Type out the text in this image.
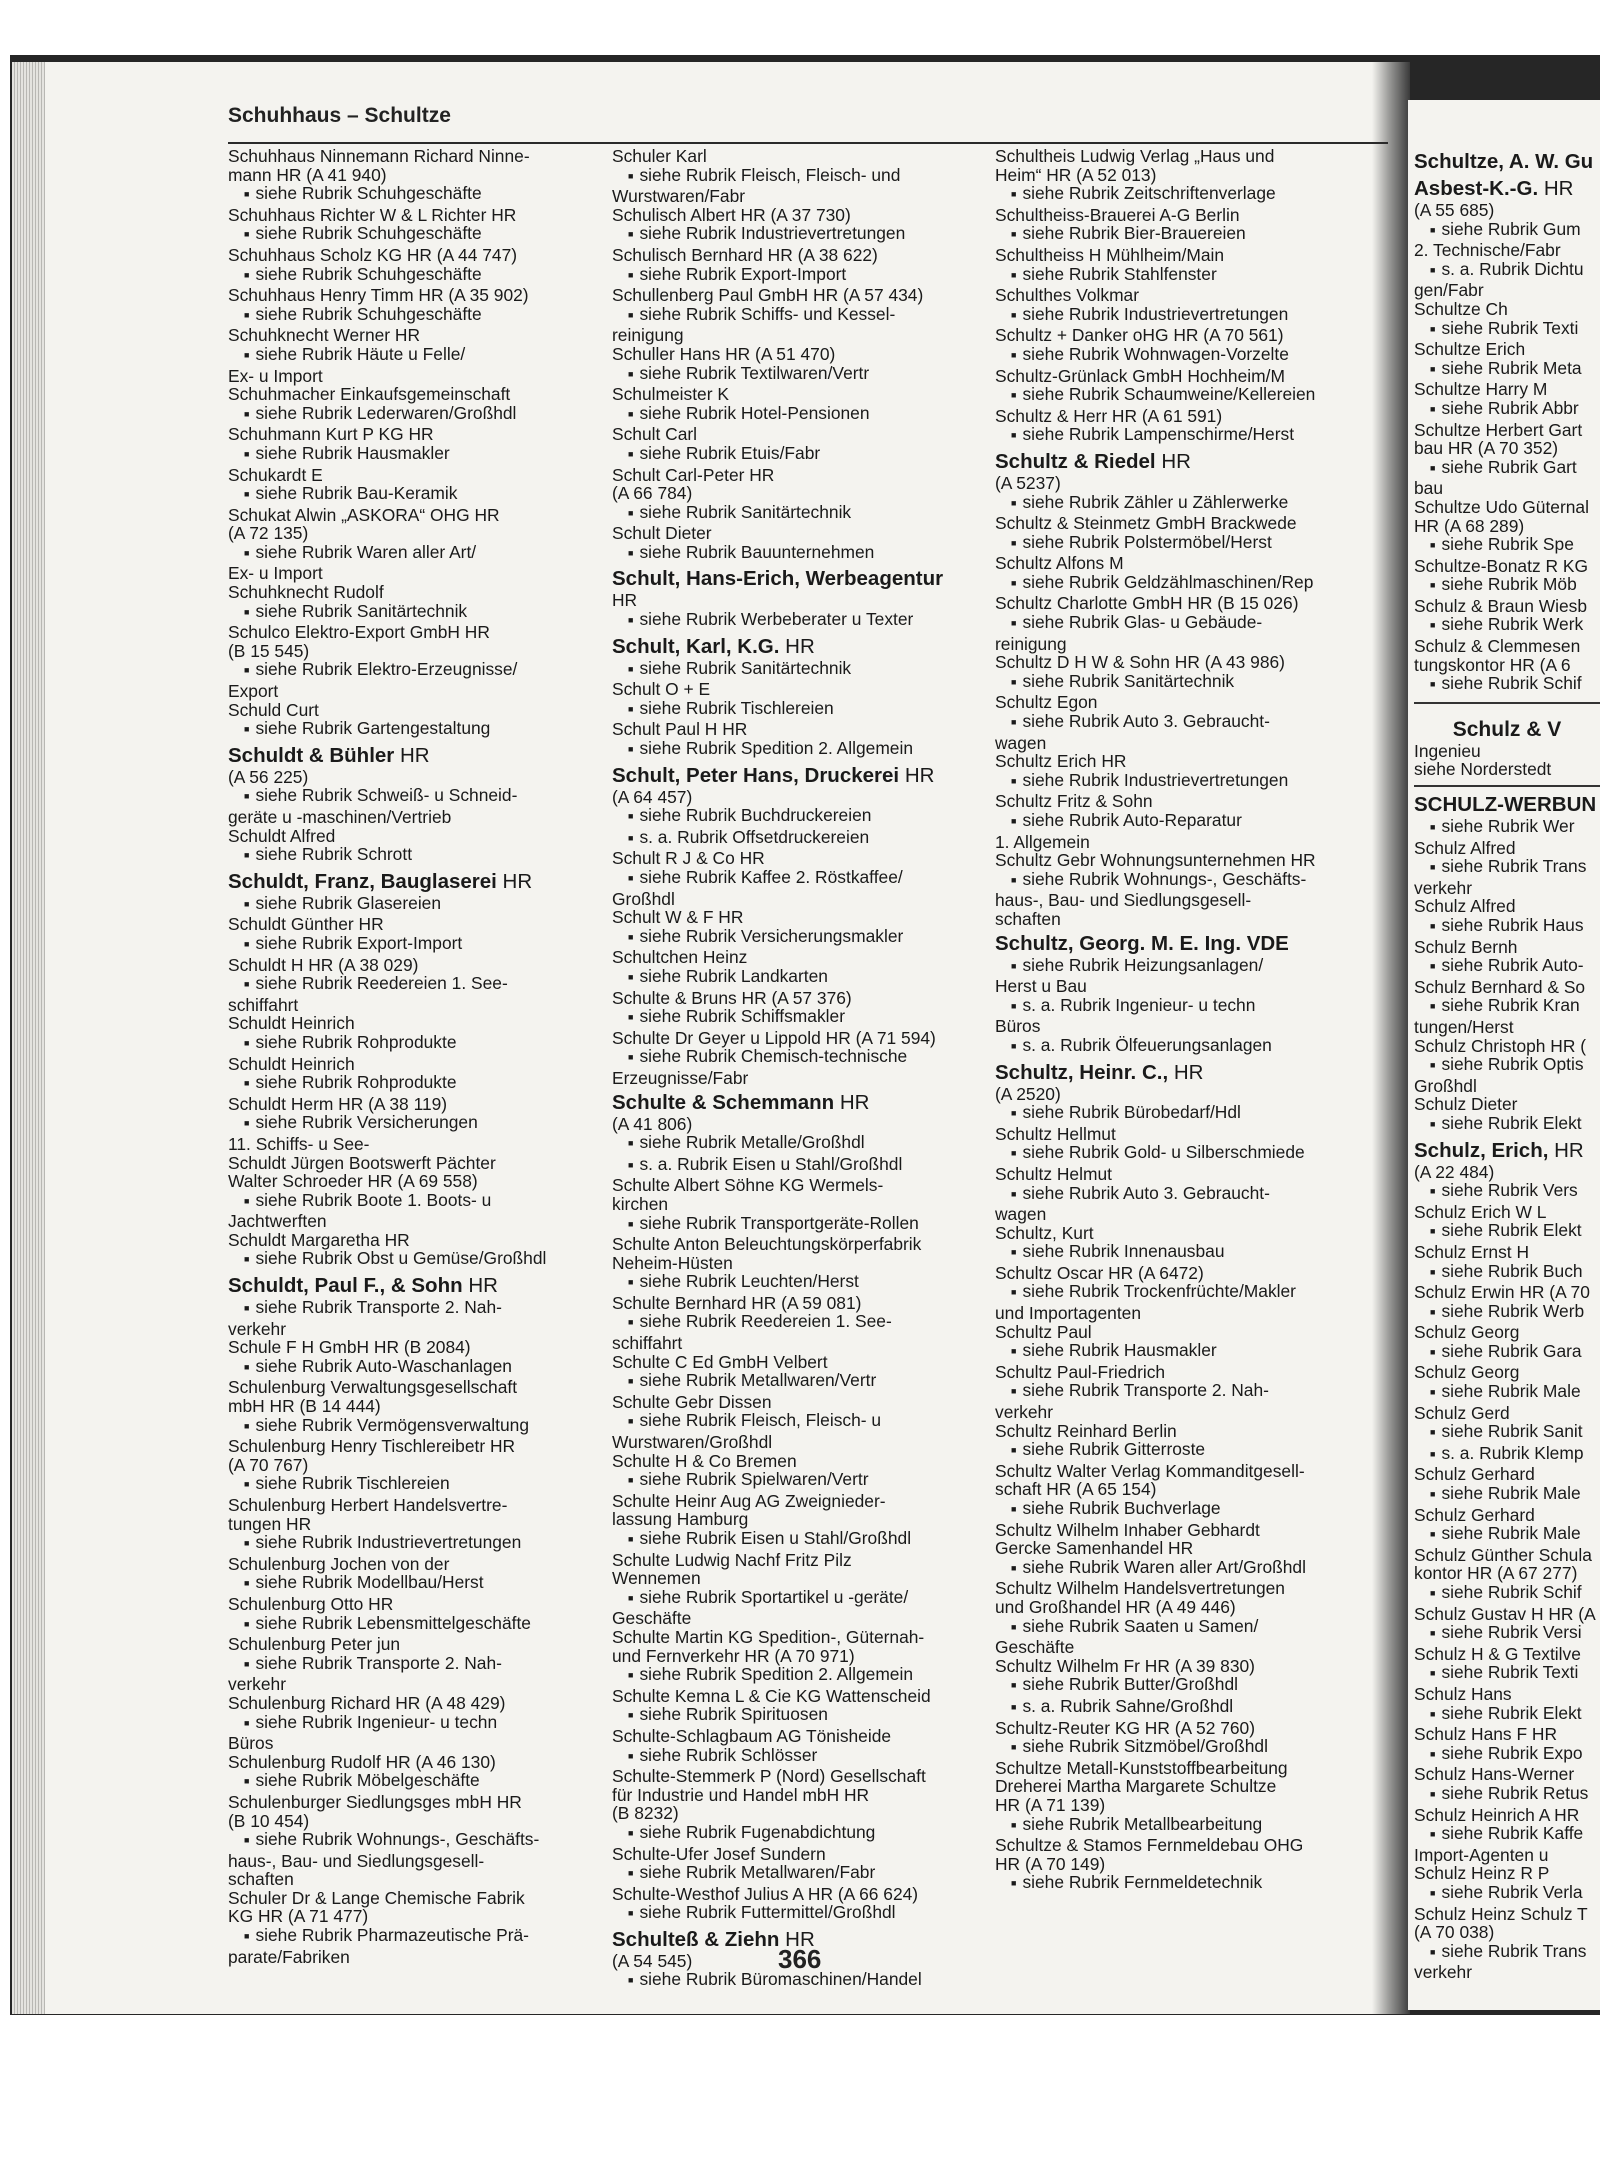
Schuhhaus – Schultze

Schuhhaus Ninnemann Richard Ninne-

mann HR (A 41 940)

■ siehe Rubrik Schuhgeschäfte

Schuhhaus Richter W & L Richter HR

■ siehe Rubrik Schuhgeschäfte

Schuhhaus Scholz KG HR (A 44 747)

■ siehe Rubrik Schuhgeschäfte

Schuhhaus Henry Timm HR (A 35 902)

■ siehe Rubrik Schuhgeschäfte

Schuhknecht Werner HR

■ siehe Rubrik Häute u Felle/

Ex- u Import

Schuhmacher Einkaufsgemeinschaft

■ siehe Rubrik Lederwaren/Großhdl

Schuhmann Kurt P KG HR

■ siehe Rubrik Hausmakler

Schukardt E

■ siehe Rubrik Bau-Keramik

Schukat Alwin „ASKORA“ OHG HR

(A 72 135)

■ siehe Rubrik Waren aller Art/

Ex- u Import

Schuhknecht Rudolf

■ siehe Rubrik Sanitärtechnik

Schulco Elektro-Export GmbH HR

(B 15 545)

■ siehe Rubrik Elektro-Erzeugnisse/

Export

Schuld Curt

■ siehe Rubrik Gartengestaltung

Schuldt & Bühler HR

(A 56 225)

■ siehe Rubrik Schweiß- u Schneid-

geräte u -maschinen/Vertrieb

Schuldt Alfred

■ siehe Rubrik Schrott

Schuldt, Franz, Bauglaserei HR

■ siehe Rubrik Glasereien

Schuldt Günther HR

■ siehe Rubrik Export-Import

Schuldt H HR (A 38 029)

■ siehe Rubrik Reedereien 1. See-

schiffahrt

Schuldt Heinrich

■ siehe Rubrik Rohprodukte

Schuldt Heinrich

■ siehe Rubrik Rohprodukte

Schuldt Herm HR (A 38 119)

■ siehe Rubrik Versicherungen

11. Schiffs- u See-

Schuldt Jürgen Bootswerft Pächter

Walter Schroeder HR (A 69 558)

■ siehe Rubrik Boote 1. Boots- u

Jachtwerften

Schuldt Margaretha HR

■ siehe Rubrik Obst u Gemüse/Großhdl

Schuldt, Paul F., & Sohn HR

■ siehe Rubrik Transporte 2. Nah-

verkehr

Schule F H GmbH HR (B 2084)

■ siehe Rubrik Auto-Waschanlagen

Schulenburg Verwaltungsgesellschaft

mbH HR (B 14 444)

■ siehe Rubrik Vermögensverwaltung

Schulenburg Henry Tischlereibetr HR

(A 70 767)

■ siehe Rubrik Tischlereien

Schulenburg Herbert Handelsvertre-

tungen HR

■ siehe Rubrik Industrievertretungen

Schulenburg Jochen von der

■ siehe Rubrik Modellbau/Herst

Schulenburg Otto HR

■ siehe Rubrik Lebensmittelgeschäfte

Schulenburg Peter jun

■ siehe Rubrik Transporte 2. Nah-

verkehr

Schulenburg Richard HR (A 48 429)

■ siehe Rubrik Ingenieur- u techn

Büros

Schulenburg Rudolf HR (A 46 130)

■ siehe Rubrik Möbelgeschäfte

Schulenburger Siedlungsges mbH HR

(B 10 454)

■ siehe Rubrik Wohnungs-, Geschäfts-

haus-, Bau- und Siedlungsgesell-

schaften

Schuler Dr & Lange Chemische Fabrik

KG HR (A 71 477)

■ siehe Rubrik Pharmazeutische Prä-

parate/Fabriken

Schuler Karl

■ siehe Rubrik Fleisch, Fleisch- und

Wurstwaren/Fabr

Schulisch Albert HR (A 37 730)

■ siehe Rubrik Industrievertretungen

Schulisch Bernhard HR (A 38 622)

■ siehe Rubrik Export-Import

Schullenberg Paul GmbH HR (A 57 434)

■ siehe Rubrik Schiffs- und Kessel-

reinigung

Schuller Hans HR (A 51 470)

■ siehe Rubrik Textilwaren/Vertr

Schulmeister K

■ siehe Rubrik Hotel-Pensionen

Schult Carl

■ siehe Rubrik Etuis/Fabr

Schult Carl-Peter HR

(A 66 784)

■ siehe Rubrik Sanitärtechnik

Schult Dieter

■ siehe Rubrik Bauunternehmen

Schult, Hans-Erich, Werbeagentur

HR

■ siehe Rubrik Werbeberater u Texter

Schult, Karl, K.G. HR

■ siehe Rubrik Sanitärtechnik

Schult O + E

■ siehe Rubrik Tischlereien

Schult Paul H HR

■ siehe Rubrik Spedition 2. Allgemein

Schult, Peter Hans, Druckerei HR

(A 64 457)

■ siehe Rubrik Buchdruckereien

■ s. a. Rubrik Offsetdruckereien

Schult R J & Co HR

■ siehe Rubrik Kaffee 2. Röstkaffee/

Großhdl

Schult W & F HR

■ siehe Rubrik Versicherungsmakler

Schultchen Heinz

■ siehe Rubrik Landkarten

Schulte & Bruns HR (A 57 376)

■ siehe Rubrik Schiffsmakler

Schulte Dr Geyer u Lippold HR (A 71 594)

■ siehe Rubrik Chemisch-technische

Erzeugnisse/Fabr

Schulte & Schemmann HR

(A 41 806)

■ siehe Rubrik Metalle/Großhdl

■ s. a. Rubrik Eisen u Stahl/Großhdl

Schulte Albert Söhne KG Wermels-

kirchen

■ siehe Rubrik Transportgeräte-Rollen

Schulte Anton Beleuchtungskörperfabrik

Neheim-Hüsten

■ siehe Rubrik Leuchten/Herst

Schulte Bernhard HR (A 59 081)

■ siehe Rubrik Reedereien 1. See-

schiffahrt

Schulte C Ed GmbH Velbert

■ siehe Rubrik Metallwaren/Vertr

Schulte Gebr Dissen

■ siehe Rubrik Fleisch, Fleisch- u

Wurstwaren/Großhdl

Schulte H & Co Bremen

■ siehe Rubrik Spielwaren/Vertr

Schulte Heinr Aug AG Zweignieder-

lassung Hamburg

■ siehe Rubrik Eisen u Stahl/Großhdl

Schulte Ludwig Nachf Fritz Pilz

Wennemen

■ siehe Rubrik Sportartikel u -geräte/

Geschäfte

Schulte Martin KG Spedition-, Güternah-

und Fernverkehr HR (A 70 971)

■ siehe Rubrik Spedition 2. Allgemein

Schulte Kemna L & Cie KG Wattenscheid

■ siehe Rubrik Spirituosen

Schulte-Schlagbaum AG Tönisheide

■ siehe Rubrik Schlösser

Schulte-Stemmerk P (Nord) Gesellschaft

für Industrie und Handel mbH HR

(B 8232)

■ siehe Rubrik Fugenabdichtung

Schulte-Ufer Josef Sundern

■ siehe Rubrik Metallwaren/Fabr

Schulte-Westhof Julius A HR (A 66 624)

■ siehe Rubrik Futtermittel/Großhdl

Schulteß & Ziehn HR

(A 54 545)

■ siehe Rubrik Büromaschinen/Handel

Schultheis Ludwig Verlag „Haus und

Heim“ HR (A 52 013)

■ siehe Rubrik Zeitschriftenverlage

Schultheiss-Brauerei A-G Berlin

■ siehe Rubrik Bier-Brauereien

Schultheiss H Mühlheim/Main

■ siehe Rubrik Stahlfenster

Schulthes Volkmar

■ siehe Rubrik Industrievertretungen

Schultz + Danker oHG HR (A 70 561)

■ siehe Rubrik Wohnwagen-Vorzelte

Schultz-Grünlack GmbH Hochheim/M

■ siehe Rubrik Schaumweine/Kellereien

Schultz & Herr HR (A 61 591)

■ siehe Rubrik Lampenschirme/Herst

Schultz & Riedel HR

(A 5237)

■ siehe Rubrik Zähler u Zählerwerke

Schultz & Steinmetz GmbH Brackwede

■ siehe Rubrik Polstermöbel/Herst

Schultz Alfons M

■ siehe Rubrik Geldzählmaschinen/Rep

Schultz Charlotte GmbH HR (B 15 026)

■ siehe Rubrik Glas- u Gebäude-

reinigung

Schultz D H W & Sohn HR (A 43 986)

■ siehe Rubrik Sanitärtechnik

Schultz Egon

■ siehe Rubrik Auto 3. Gebraucht-

wagen

Schultz Erich HR

■ siehe Rubrik Industrievertretungen

Schultz Fritz & Sohn

■ siehe Rubrik Auto-Reparatur

1. Allgemein

Schultz Gebr Wohnungsunternehmen HR

■ siehe Rubrik Wohnungs-, Geschäfts-

haus-, Bau- und Siedlungsgesell-

schaften

Schultz, Georg. M. E. Ing. VDE

■ siehe Rubrik Heizungsanlagen/

Herst u Bau

■ s. a. Rubrik Ingenieur- u techn

Büros

■ s. a. Rubrik Ölfeuerungsanlagen

Schultz, Heinr. C., HR

(A 2520)

■ siehe Rubrik Bürobedarf/Hdl

Schultz Hellmut

■ siehe Rubrik Gold- u Silberschmiede

Schultz Helmut

■ siehe Rubrik Auto 3. Gebraucht-

wagen

Schultz, Kurt

■ siehe Rubrik Innenausbau

Schultz Oscar HR (A 6472)

■ siehe Rubrik Trockenfrüchte/Makler

und Importagenten

Schultz Paul

■ siehe Rubrik Hausmakler

Schultz Paul-Friedrich

■ siehe Rubrik Transporte 2. Nah-

verkehr

Schultz Reinhard Berlin

■ siehe Rubrik Gitterroste

Schultz Walter Verlag Kommanditgesell-

schaft HR (A 65 154)

■ siehe Rubrik Buchverlage

Schultz Wilhelm Inhaber Gebhardt

Gercke Samenhandel HR

■ siehe Rubrik Waren aller Art/Großhdl

Schultz Wilhelm Handelsvertretungen

und Großhandel HR (A 49 446)

■ siehe Rubrik Saaten u Samen/

Geschäfte

Schultz Wilhelm Fr HR (A 39 830)

■ siehe Rubrik Butter/Großhdl

■ s. a. Rubrik Sahne/Großhdl

Schultz-Reuter KG HR (A 52 760)

■ siehe Rubrik Sitzmöbel/Großhdl

Schultze Metall-Kunststoffbearbeitung

Dreherei Martha Margarete Schultze

HR (A 71 139)

■ siehe Rubrik Metallbearbeitung

Schultze & Stamos Fernmeldebau OHG

HR (A 70 149)

■ siehe Rubrik Fernmeldetechnik

Schultze, A. W. Gu

Asbest-K.-G. HR

(A 55 685)

■ siehe Rubrik Gum

2. Technische/Fabr

■ s. a. Rubrik Dichtu

gen/Fabr

Schultze Ch

■ siehe Rubrik Texti

Schultze Erich

■ siehe Rubrik Meta

Schultze Harry M

■ siehe Rubrik Abbr

Schultze Herbert Gart

bau HR (A 70 352)

■ siehe Rubrik Gart

bau

Schultze Udo Güternal

HR (A 68 289)

■ siehe Rubrik Spe

Schultze-Bonatz R KG

■ siehe Rubrik Möb

Schulz & Braun Wiesb

■ siehe Rubrik Werk

Schulz & Clemmesen

tungskontor HR (A 6

■ siehe Rubrik Schif

Schulz & V

Ingenieu

siehe Norderstedt

SCHULZ-WERBUN

■ siehe Rubrik Wer

Schulz Alfred

■ siehe Rubrik Trans

verkehr

Schulz Alfred

■ siehe Rubrik Haus

Schulz Bernh

■ siehe Rubrik Auto-

Schulz Bernhard & So

■ siehe Rubrik Kran

tungen/Herst

Schulz Christoph HR (

■ siehe Rubrik Optis

Großhdl

Schulz Dieter

■ siehe Rubrik Elekt

Schulz, Erich, HR

(A 22 484)

■ siehe Rubrik Vers

Schulz Erich W L

■ siehe Rubrik Elekt

Schulz Ernst H

■ siehe Rubrik Buch

Schulz Erwin HR (A 70

■ siehe Rubrik Werb

Schulz Georg

■ siehe Rubrik Gara

Schulz Georg

■ siehe Rubrik Male

Schulz Gerd

■ siehe Rubrik Sanit

■ s. a. Rubrik Klemp

Schulz Gerhard

■ siehe Rubrik Male

Schulz Gerhard

■ siehe Rubrik Male

Schulz Günther Schula

kontor HR (A 67 277)

■ siehe Rubrik Schif

Schulz Gustav H HR (A

■ siehe Rubrik Versi

Schulz H & G Textilve

■ siehe Rubrik Texti

Schulz Hans

■ siehe Rubrik Elekt

Schulz Hans F HR

■ siehe Rubrik Expo

Schulz Hans-Werner

■ siehe Rubrik Retus

Schulz Heinrich A HR

■ siehe Rubrik Kaffe

Import-Agenten u

Schulz Heinz R P

■ siehe Rubrik Verla

Schulz Heinz Schulz T

(A 70 038)

■ siehe Rubrik Trans

verkehr

366
